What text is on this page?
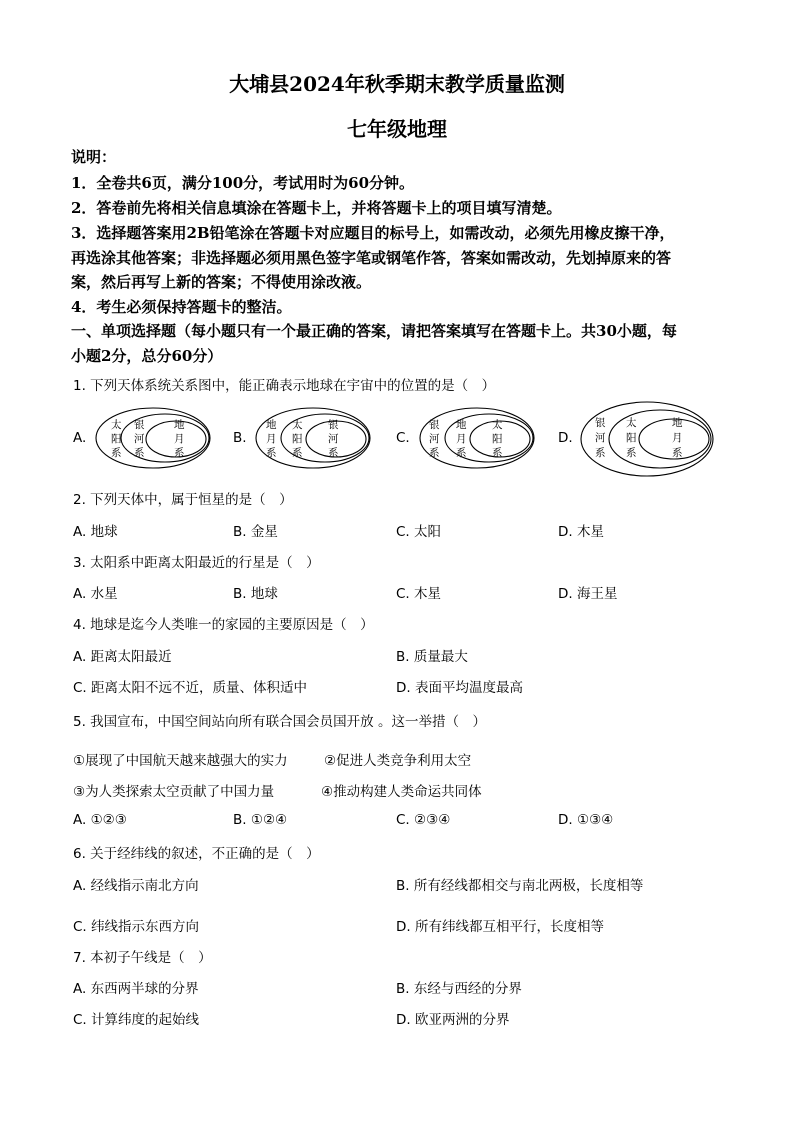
大埔县2024年秋季期末教学质量监测
七年级地理
说明：
1．全卷共6页，满分100分，考试用时为60分钟。
2．答卷前先将相关信息填涂在答题卡上，并将答题卡上的项目填写清楚。
3．选择题答案用2B铅笔涂在答题卡对应题目的标号上，如需改动，必须先用橡皮擦干净，
再选涂其他答案；非选择题必须用黑色签字笔或钢笔作答，答案如需改动，先划掉原来的答
案，然后再写上新的答案；不得使用涂改液。
4．考生必须保持答题卡的整洁。
一、单项选择题（每小题只有一个最正确的答案，请把答案填写在答题卡上。共30小题，每
小题2分，总分60分）
1. 下列天体系统关系图中，能正确表示地球在宇宙中的位置的是（　）
A.
太
阳
系
银
河
系
地
月
系
B.
地
月
系
太
阳
系
银
河
系
C.
银
河
系
地
月
系
太
阳
系
D.
银
河
系
太
阳
系
地
月
系
2. 下列天体中，属于恒星的是（　）
A. 地球	B. 金星	C. 太阳	D. 木星
3. 太阳系中距离太阳最近的行星是（　）
A. 水星	B. 地球	C. 木星	D. 海王星
4. 地球是迄今人类唯一的家园的主要原因是（　）
A. 距离太阳最近	B. 质量最大
C. 距离太阳不远不近，质量、体积适中	D. 表面平均温度最高
5. 我国宣布，中国空间站向所有联合国会员国开放 。这一举措（　）
①展现了中国航天越来越强大的实力	②促进人类竞争利用太空
③为人类探索太空贡献了中国力量	④推动构建人类命运共同体
A. ①②③	B. ①②④	C. ②③④	D. ①③④
6. 关于经纬线的叙述，不正确的是（　）
A. 经线指示南北方向	B. 所有经线都相交与南北两极，长度相等
C. 纬线指示东西方向	D. 所有纬线都互相平行，长度相等
7. 本初子午线是（　）
A. 东西两半球的分界	B. 东经与西经的分界
C. 计算纬度的起始线	D. 欧亚两洲的分界
